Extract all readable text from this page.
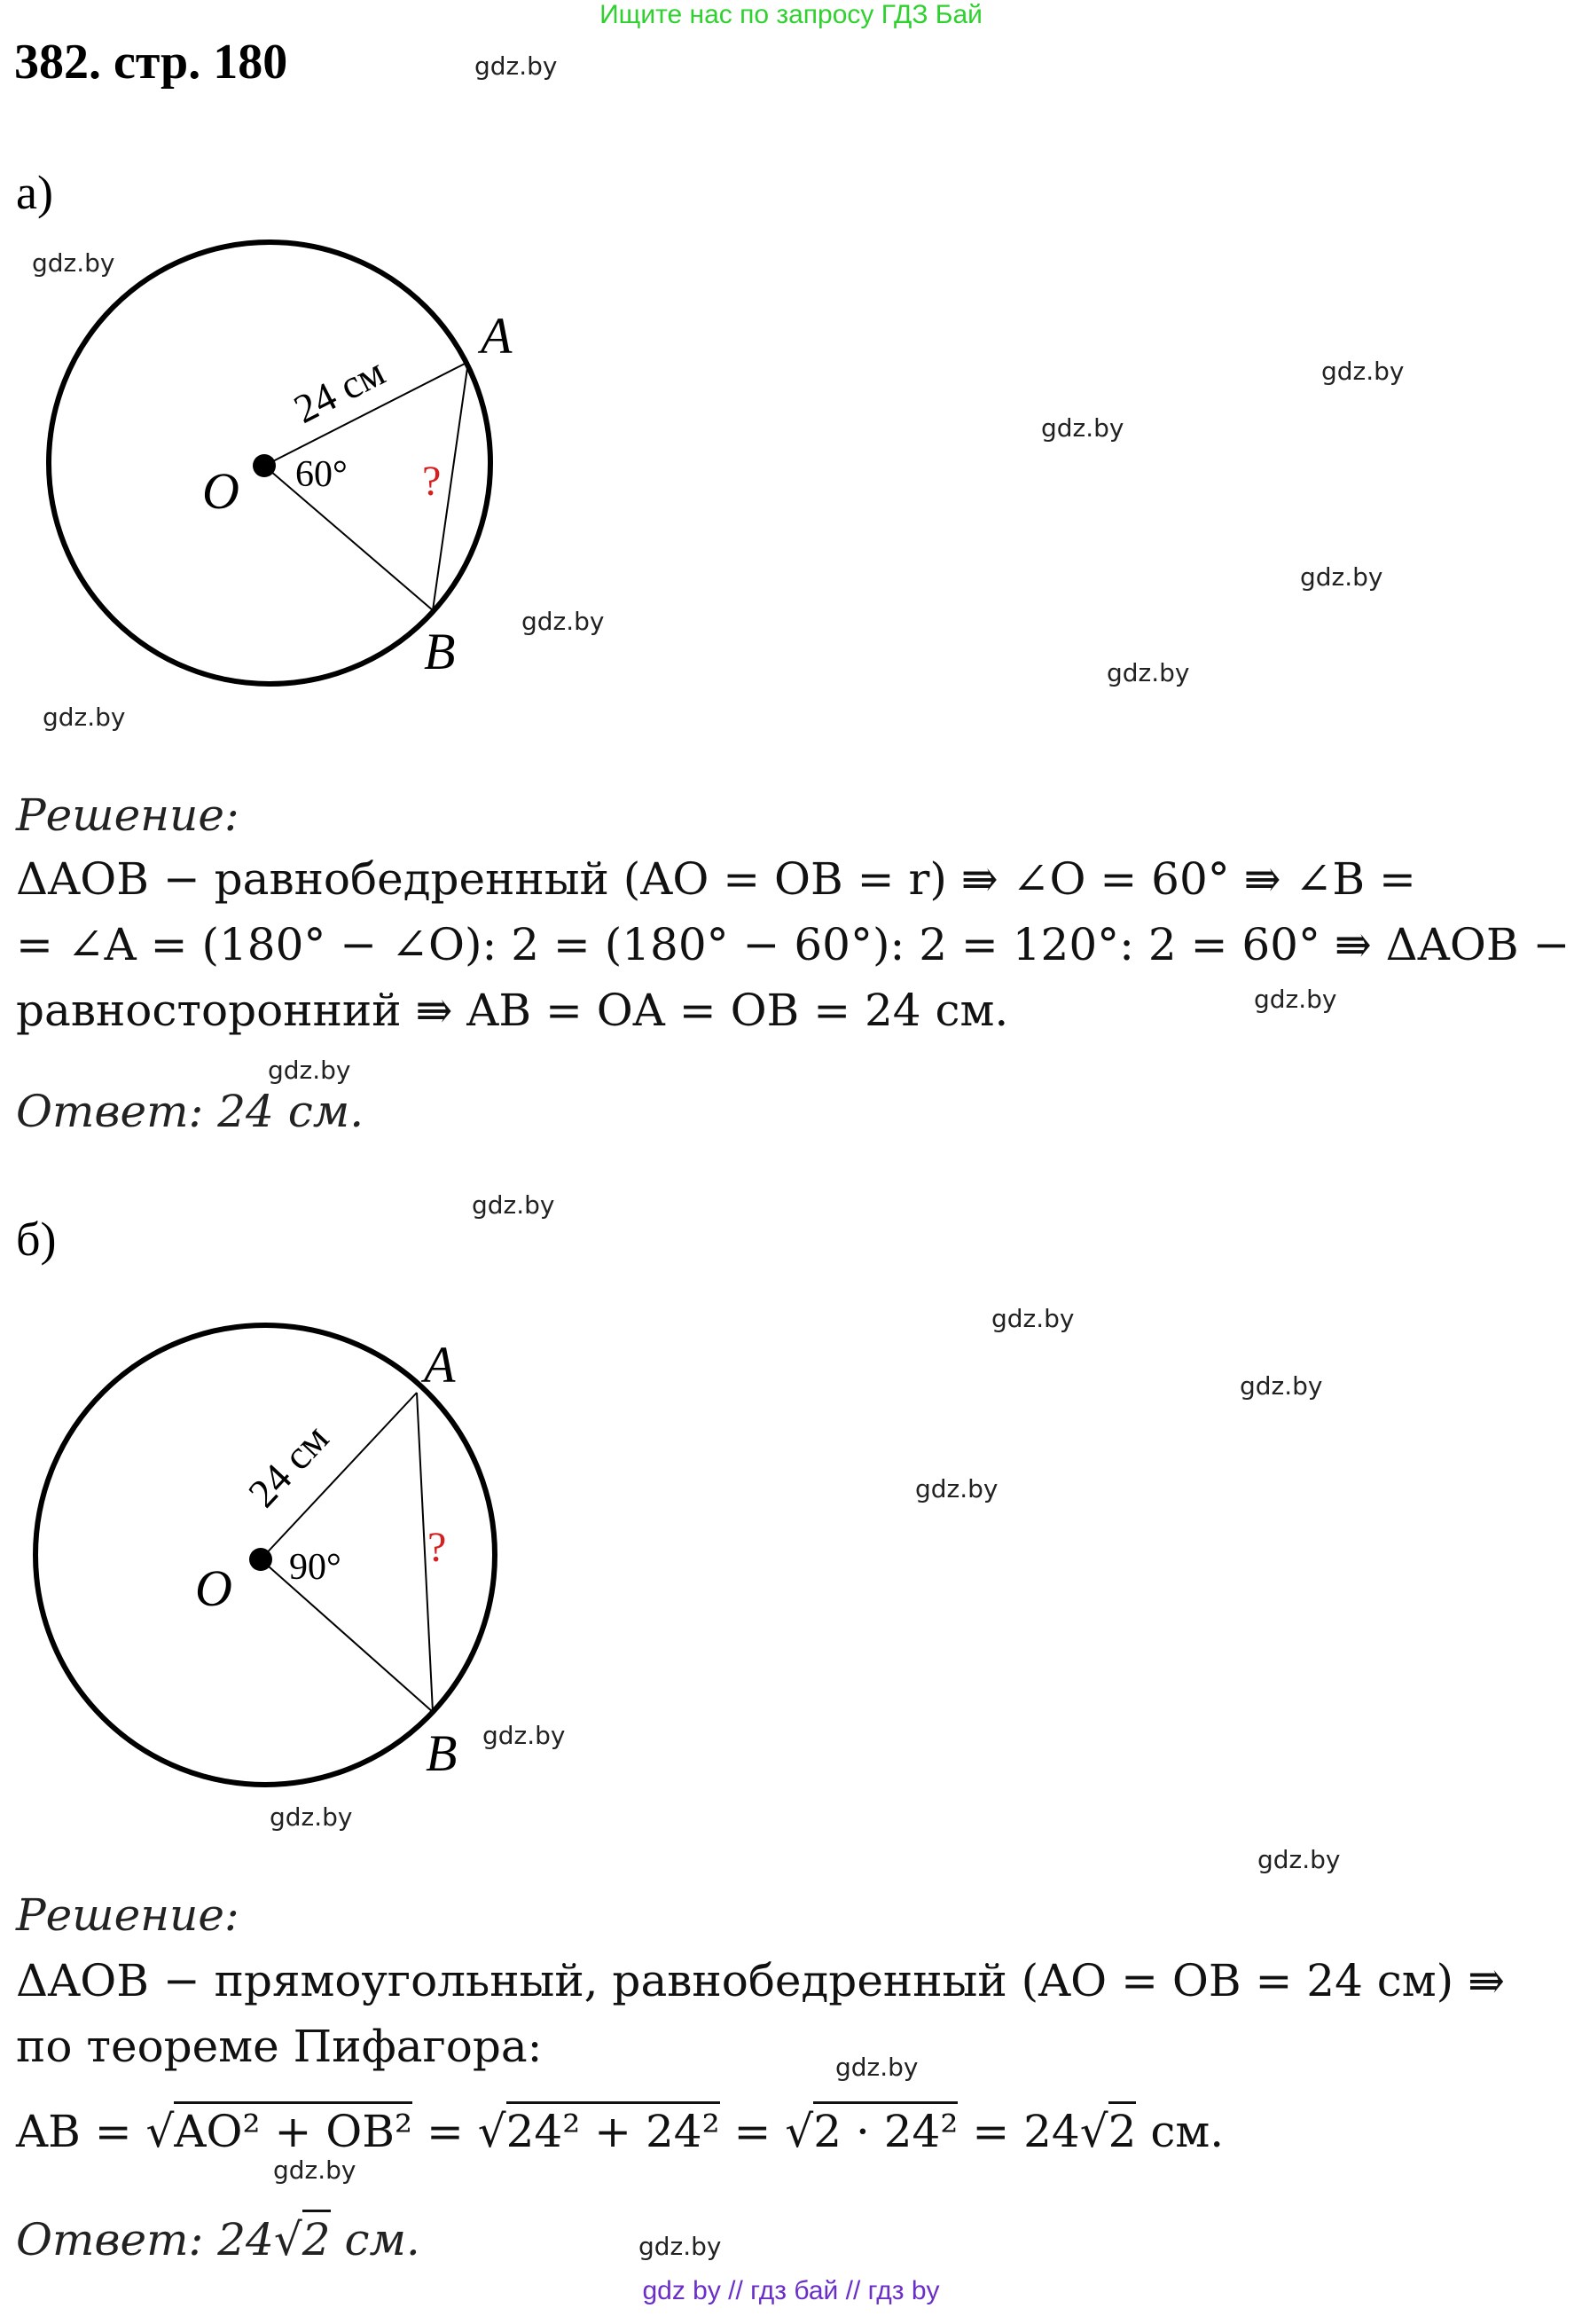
Ищите нас по запросу ГДЗ Бай
382. стр. 180	gdz.by
gdz.by
gdz.by
gdz.by
gdz.by
gdz.by
gdz.by
gdz.by
gdz.by
gdz.by
gdz.by
gdz.by
gdz.by
gdz.by
gdz.by
gdz.by
gdz.by
gdz.by
gdz.by
gdz.by
а)
A
B
O
24 см
60° ?
Решение:
ΔAOB − равнобедренный (AO = OB = r) ⇛ ∠O = 60° ⇛ ∠B =
= ∠A = (180° − ∠O): 2 = (180° − 60°): 2 = 120°: 2 = 60° ⇛ ΔAOB −
равносторонний ⇛ AB = OA = OB = 24 см.
Ответ: 24 см.
б)
A
B
O
24 см
90° ?
Решение:
ΔAOB − прямоугольный, равнобедренный (AO = OB = 24 см) ⇛
по теореме Пифагора:
AB = √AO² + OB² = √24² + 24² = √2 · 24² = 24√2 см.
Ответ: 24√2 см.
gdz by // гдз бай // гдз by
